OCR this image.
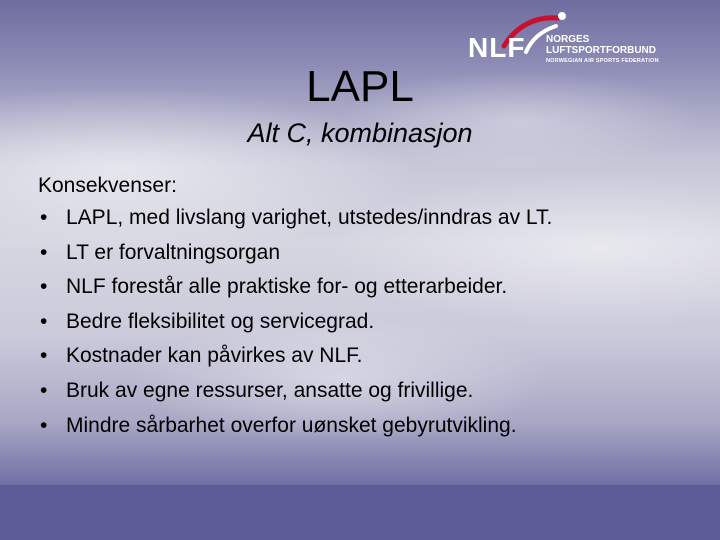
NLF NORGES
LUFTSPORTFORBUND
NORWEGIAN AIR SPORTS FEDERATION
LAPL
Alt C, kombinasjon
Konsekvenser:
• LAPL, med livslang varighet, utstedes/inndras av LT.
• LT er forvaltningsorgan
• NLF forestår alle praktiske for- og etterarbeider.
• Bedre fleksibilitet og servicegrad.
• Kostnader kan påvirkes av NLF.
• Bruk av egne ressurser, ansatte og frivillige.
• Mindre sårbarhet overfor uønsket gebyrutvikling.
